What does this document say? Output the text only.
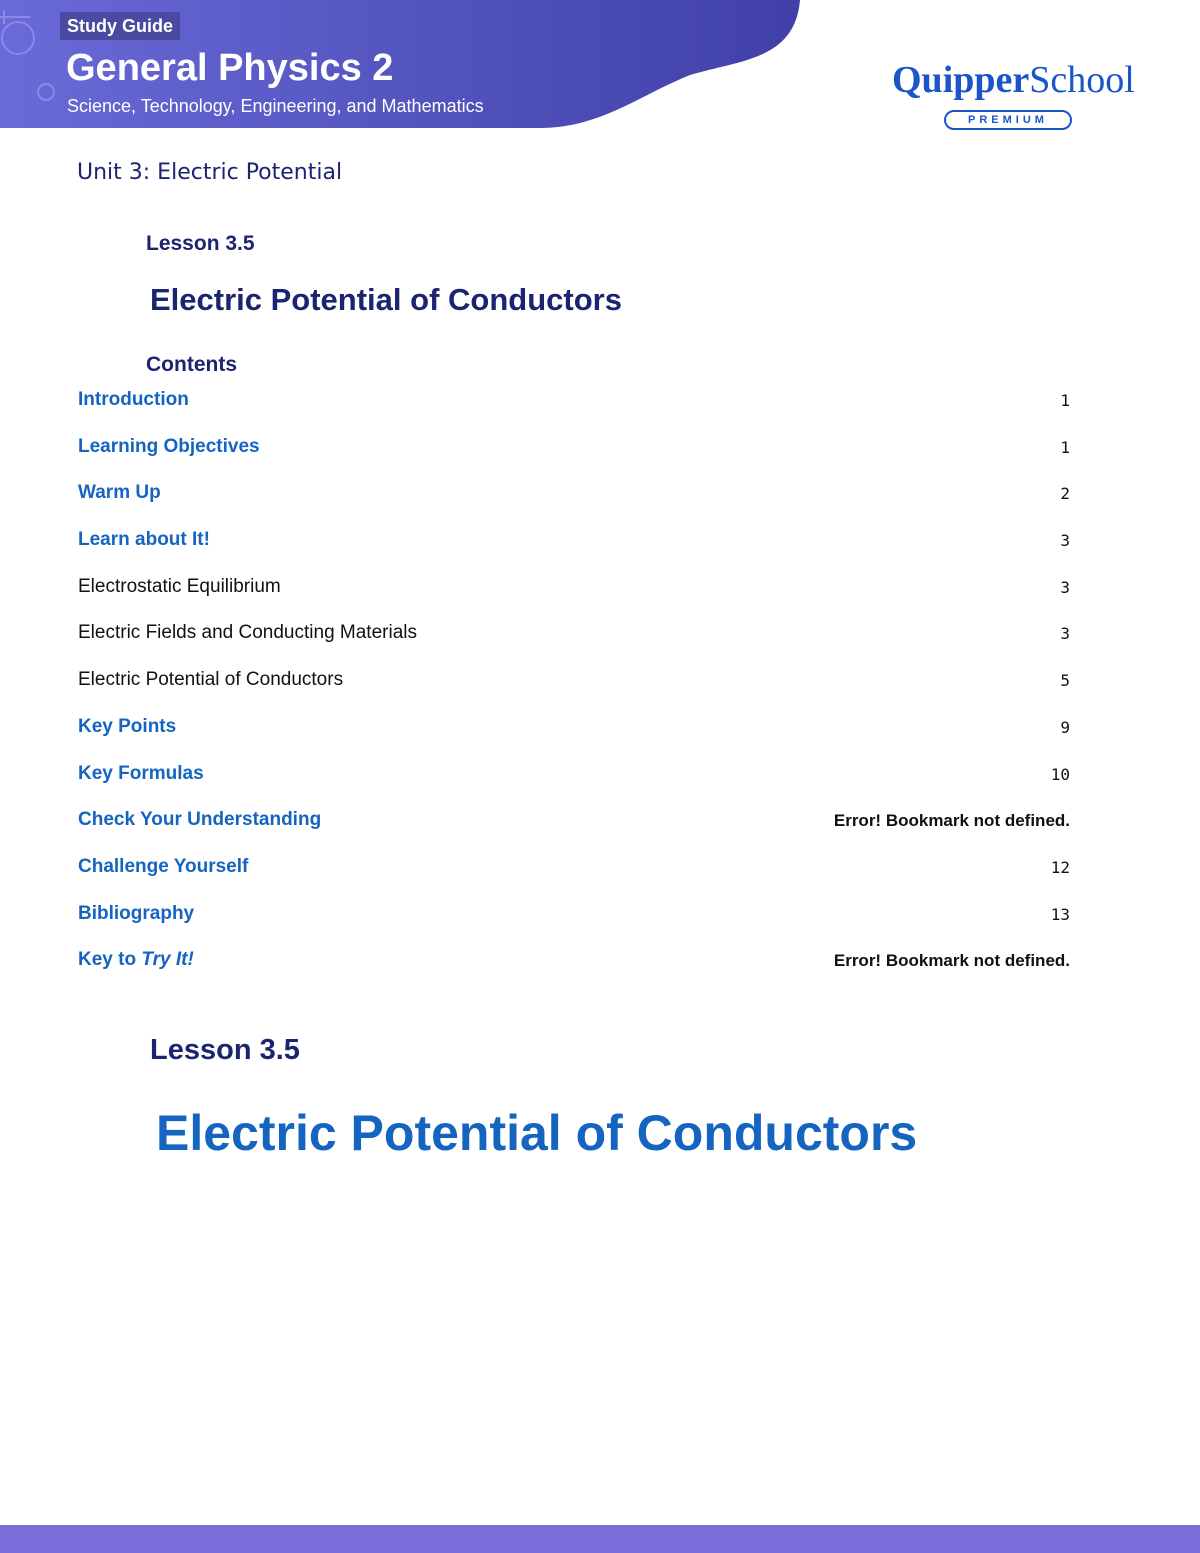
Study Guide
General Physics 2
Science, Technology, Engineering, and Mathematics
QuipperSchool
PREMIUM
Unit 3: Electric Potential
Lesson 3.5
Electric Potential of Conductors
Contents
Introduction	1
Learning Objectives	1
Warm Up	2
Learn about It!	3
Electrostatic Equilibrium	3
Electric Fields and Conducting Materials	3
Electric Potential of Conductors	5
Key Points	9
Key Formulas	10
Check Your Understanding	Error! Bookmark not defined.
Challenge Yourself	12
Bibliography	13
Key to Try It!	Error! Bookmark not defined.
Lesson 3.5
Electric Potential of Conductors
